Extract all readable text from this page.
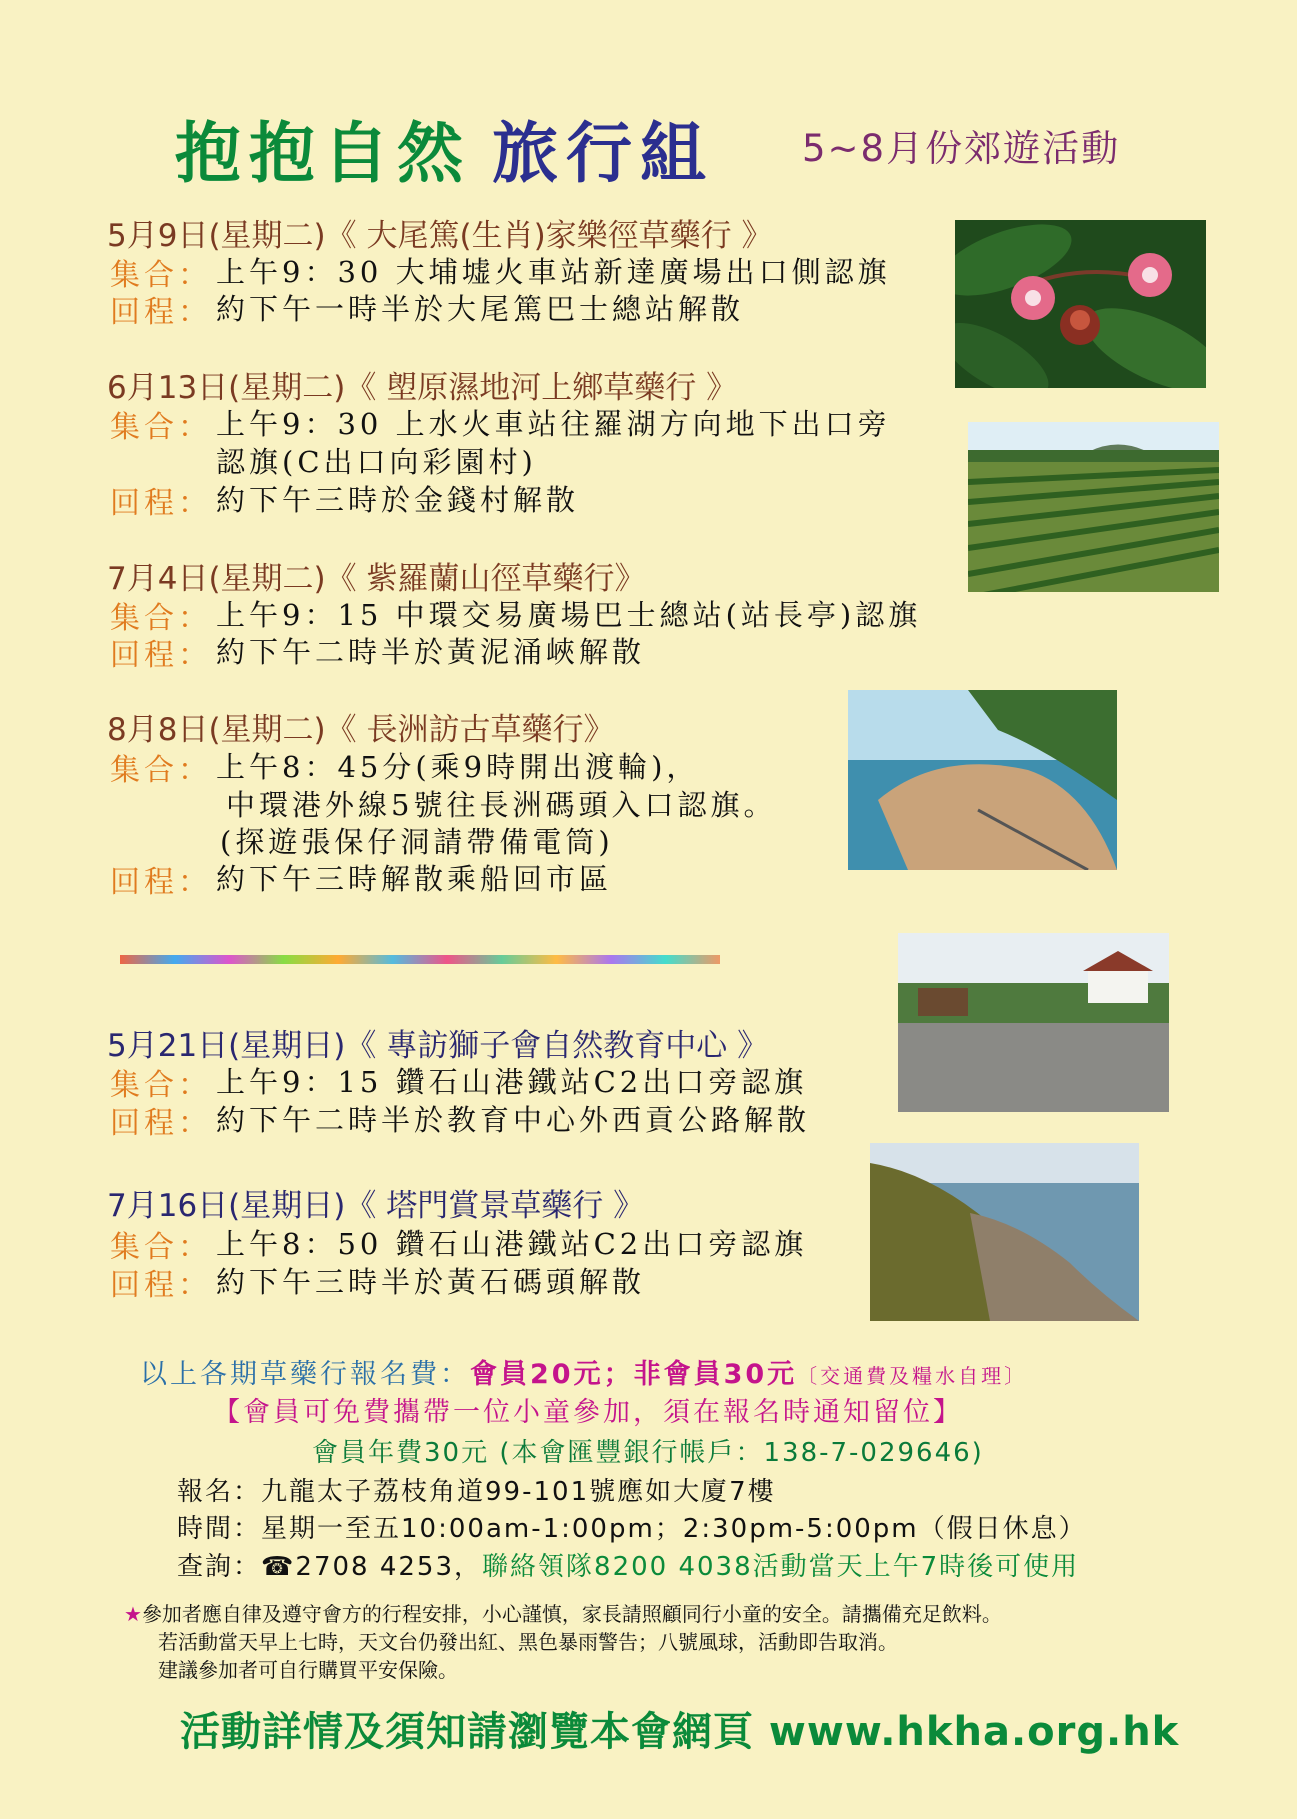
抱抱自然 旅行組 5~8月份郊遊活動
5月9日(星期二)《 大尾篤(生肖)家樂徑草藥行 》
集合： 上午9：30 大埔墟火車站新達廣場出口側認旗
回程： 約下午一時半於大尾篤巴士總站解散
6月13日(星期二)《 塱原濕地河上鄉草藥行 》
集合： 上午9：30 上水火車站往羅湖方向地下出口旁
認旗(C出口向彩園村)
回程： 約下午三時於金錢村解散
7月4日(星期二)《 紫羅蘭山徑草藥行》
集合： 上午9：15 中環交易廣場巴士總站(站長亭)認旗
回程： 約下午二時半於黃泥涌峽解散
8月8日(星期二)《 長洲訪古草藥行》
集合： 上午8：45分(乘9時開出渡輪)，
中環港外線5號往長洲碼頭入口認旗。
(探遊張保仔洞請帶備電筒)
回程： 約下午三時解散乘船回市區
5月21日(星期日)《 專訪獅子會自然教育中心 》
集合： 上午9：15 鑽石山港鐵站C2出口旁認旗
回程： 約下午二時半於教育中心外西貢公路解散
7月16日(星期日)《 塔門賞景草藥行 》
集合： 上午8：50 鑽石山港鐵站C2出口旁認旗
回程： 約下午三時半於黃石碼頭解散
以上各期草藥行報名費：會員20元；非會員30元〔交通費及糧水自理〕
【會員可免費攜帶一位小童參加，須在報名時通知留位】
會員年費30元 (本會匯豐銀行帳戶：138-7-029646)
報名：九龍太子荔枝角道99-101號應如大廈7樓
時間：星期一至五10:00am-1:00pm；2:30pm-5:00pm（假日休息）
查詢：☎2708 4253，聯絡領隊8200 4038活動當天上午7時後可使用
★參加者應自律及遵守會方的行程安排，小心謹慎，家長請照顧同行小童的安全。請攜備充足飲料。
若活動當天早上七時，天文台仍發出紅、黑色暴雨警告；八號風球，活動即告取消。
建議參加者可自行購買平安保險。
活動詳情及須知請瀏覽本會網頁 www.hkha.org.hk
